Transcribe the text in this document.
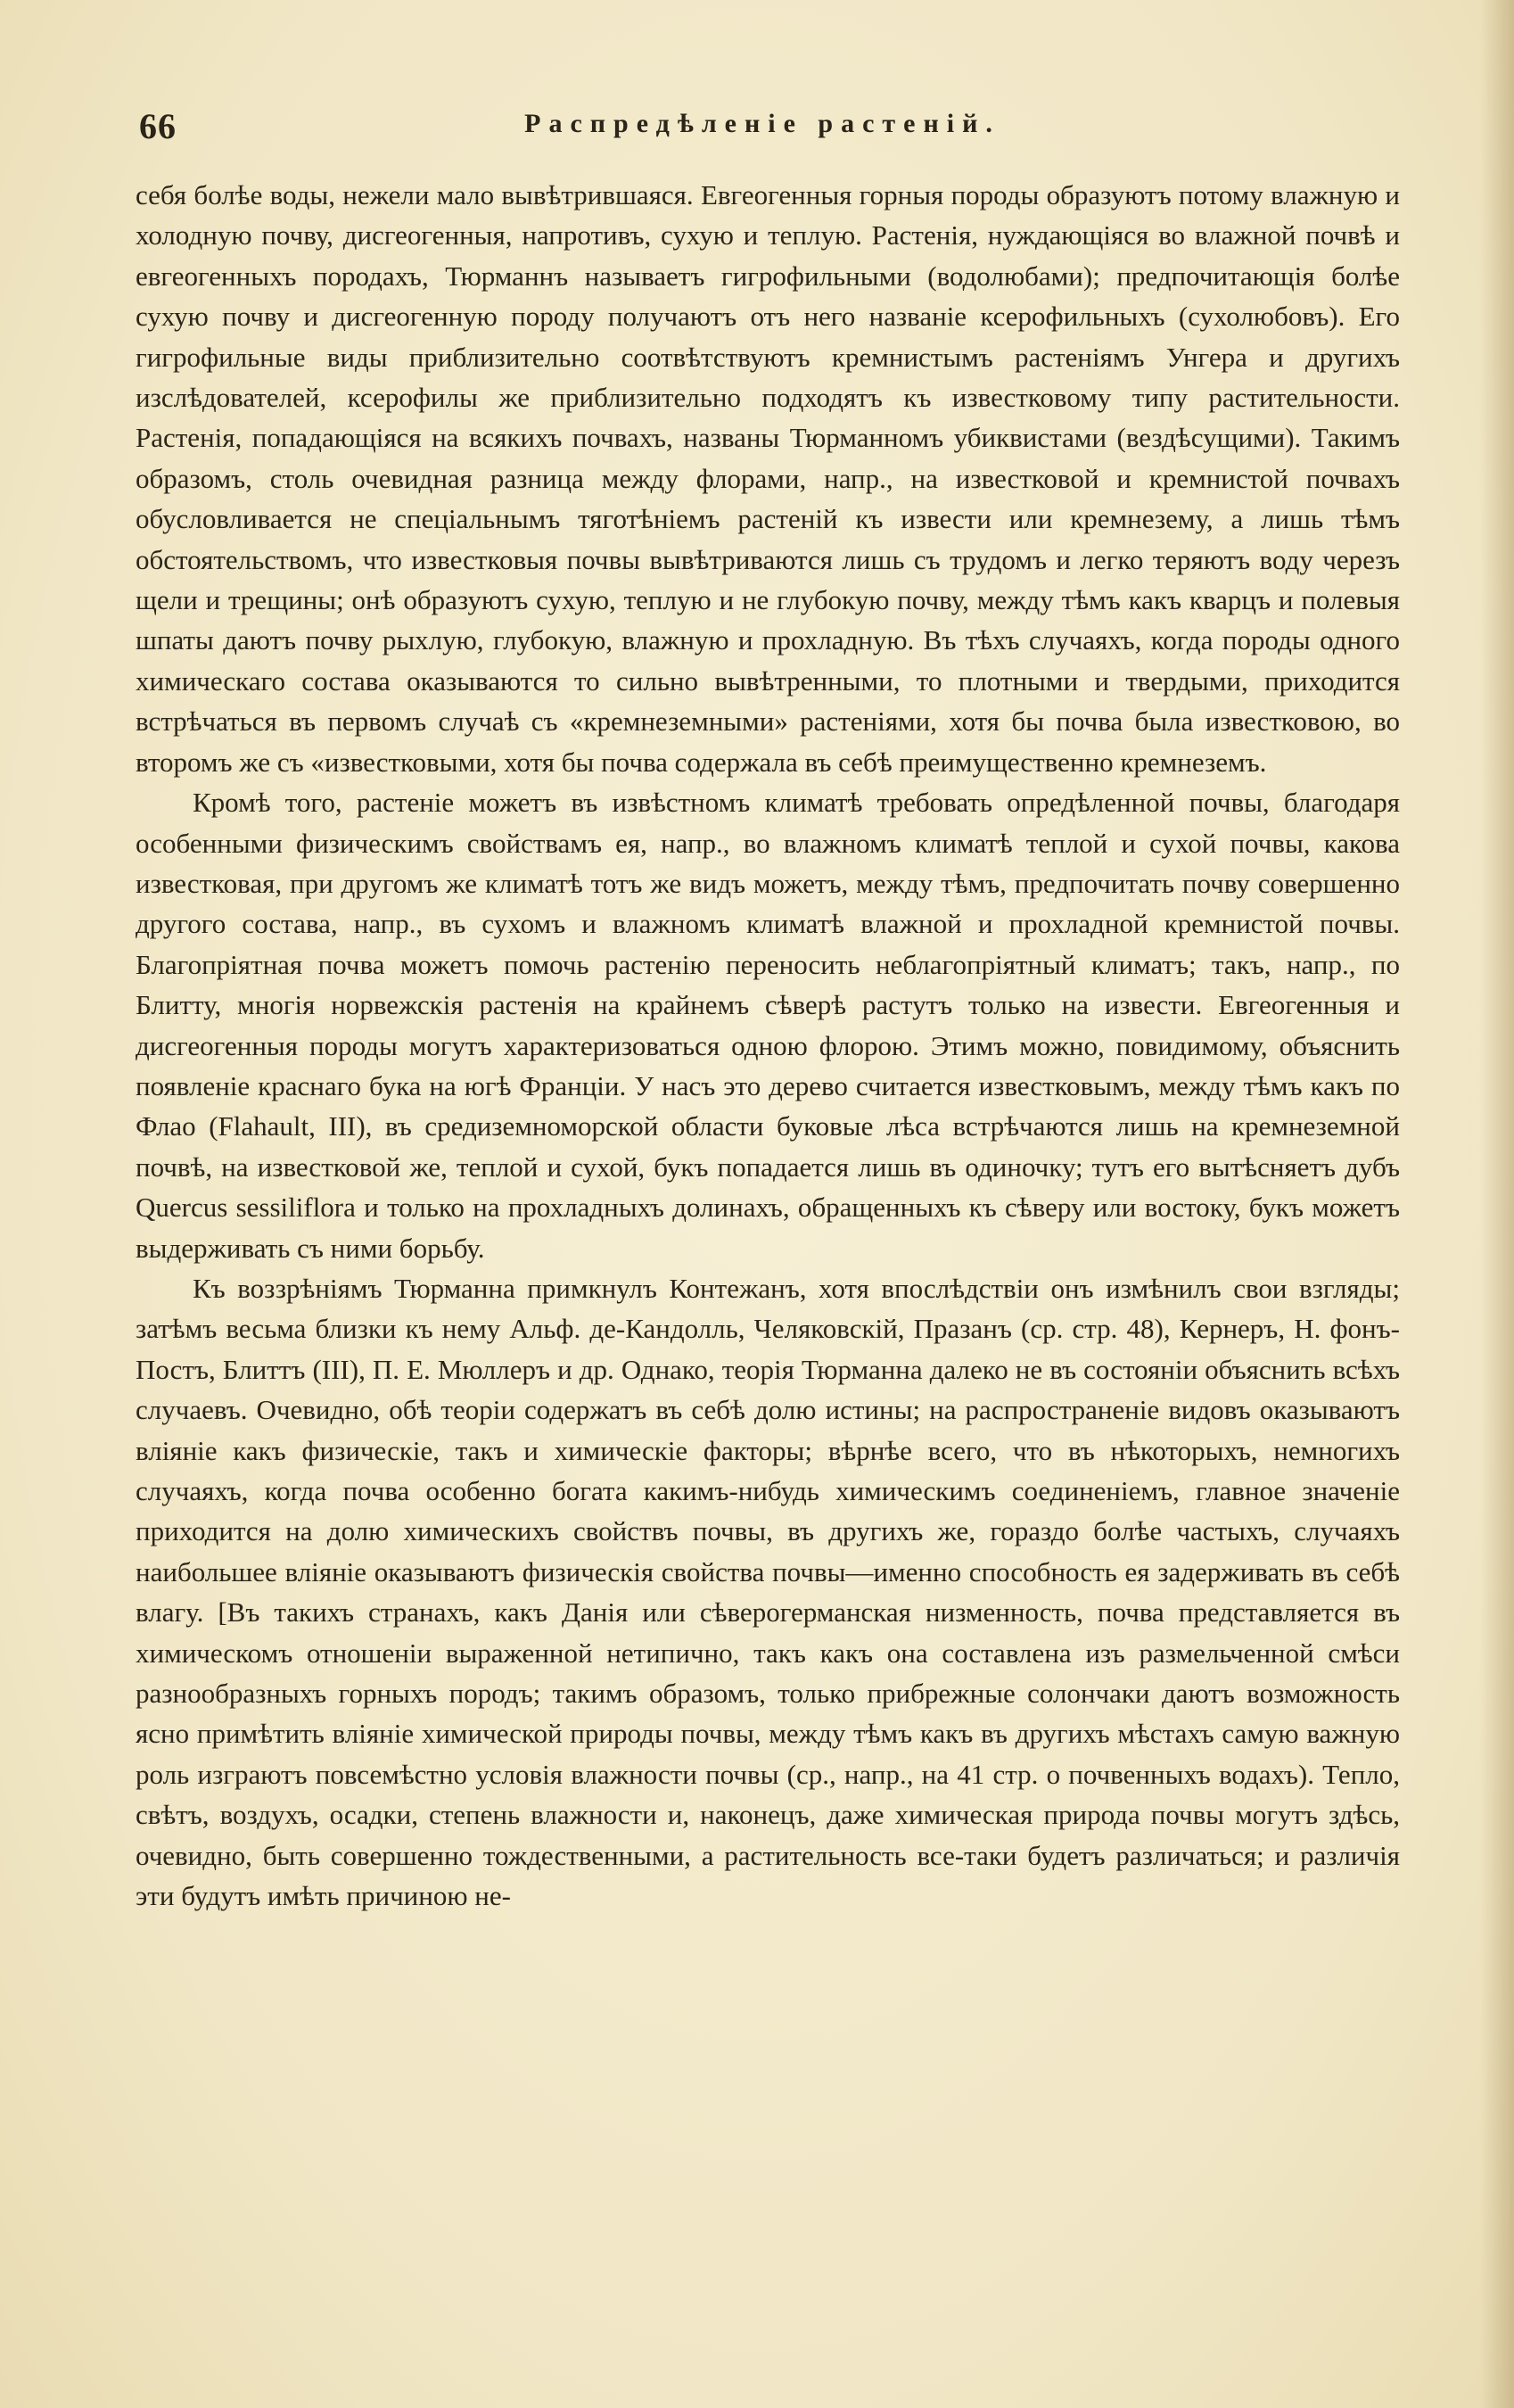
66	Распредѣленіе растеній.

себя болѣе воды, нежели мало вывѣтрившаяся. Евгеогенныя горныя породы образуютъ потому влажную и холодную почву, дисгеогенныя, напротивъ, сухую и теплую. Растенія, нуждающіяся во влажной почвѣ и евгеогенныхъ породахъ, Тюрманнъ называетъ гигрофильными (водолюбами); предпочитающія болѣе сухую почву и дисгеогенную породу получаютъ отъ него названіе ксерофильныхъ (сухолюбовъ). Его гигрофильные виды приблизительно соотвѣтствуютъ кремнистымъ растеніямъ Унгера и другихъ изслѣдователей, ксерофилы же приблизительно подходятъ къ известковому типу растительности. Растенія, попадающіяся на всякихъ почвахъ, названы Тюрманномъ убиквистами (вездѣсущими). Такимъ образомъ, столь очевидная разница между флорами, напр., на известковой и кремнистой почвахъ обусловливается не спеціальнымъ тяготѣніемъ растеній къ извести или кремнезему, а лишь тѣмъ обстоятельствомъ, что известковыя почвы вывѣтриваются лишь съ трудомъ и легко теряютъ воду черезъ щели и трещины; онѣ образуютъ сухую, теплую и не глубокую почву, между тѣмъ какъ кварцъ и полевыя шпаты даютъ почву рыхлую, глубокую, влажную и прохладную. Въ тѣхъ случаяхъ, когда породы одного химическаго состава оказываются то сильно вывѣтренными, то плотными и твердыми, приходится встрѣчаться въ первомъ случаѣ съ «кремнеземными» растеніями, хотя бы почва была известковою, во второмъ же съ «известковыми, хотя бы почва содержала въ себѣ преимущественно кремнеземъ.

Кромѣ того, растеніе можетъ въ извѣстномъ климатѣ требовать опредѣленной почвы, благодаря особенными физическимъ свойствамъ ея, напр., во влажномъ климатѣ теплой и сухой почвы, какова известковая, при другомъ же климатѣ тотъ же видъ можетъ, между тѣмъ, предпочитать почву совершенно другого состава, напр., въ сухомъ и влажномъ климатѣ влажной и прохладной кремнистой почвы. Благопріятная почва можетъ помочь растенію переносить неблагопріятный климатъ; такъ, напр., по Блитту, многія норвежскія растенія на крайнемъ сѣверѣ растутъ только на извести. Евгеогенныя и дисгеогенныя породы могутъ характеризоваться одною флорою. Этимъ можно, повидимому, объяснить появленіе краснаго бука на югѣ Франціи. У насъ это дерево считается известковымъ, между тѣмъ какъ по Флао (Flahault, III), въ средиземноморской области буковые лѣса встрѣчаются лишь на кремнеземной почвѣ, на известковой же, теплой и сухой, букъ попадается лишь въ одиночку; тутъ его вытѣсняетъ дубъ Quercus sessiliflora и только на прохладныхъ долинахъ, обращенныхъ къ сѣверу или востоку, букъ можетъ выдерживать съ ними борьбу.

Къ воззрѣніямъ Тюрманна примкнулъ Контежанъ, хотя впослѣдствіи онъ измѣнилъ свои взгляды; затѣмъ весьма близки къ нему Альф. де-Кандолль, Челяковскій, Празанъ (ср. стр. 48), Кернеръ, Н. фонъ-Постъ, Блиттъ (III), П. Е. Мюллеръ и др. Однако, теорія Тюрманна далеко не въ состояніи объяснить всѣхъ случаевъ. Очевидно, обѣ теоріи содержатъ въ себѣ долю истины; на распространеніе видовъ оказываютъ вліяніе какъ физическіе, такъ и химическіе факторы; вѣрнѣе всего, что въ нѣкоторыхъ, немногихъ случаяхъ, когда почва особенно богата какимъ-нибудь химическимъ соединеніемъ, главное значеніе приходится на долю химическихъ свойствъ почвы, въ другихъ же, гораздо болѣе частыхъ, случаяхъ наибольшее вліяніе оказываютъ физическія свойства почвы—именно способность ея задерживать въ себѣ влагу. [Въ такихъ странахъ, какъ Данія или сѣверогерманская низменность, почва представляется въ химическомъ отношеніи выраженной нетипично, такъ какъ она составлена изъ размельченной смѣси разнообразныхъ горныхъ породъ; такимъ образомъ, только прибрежные солончаки даютъ возможность ясно примѣтить вліяніе химической природы почвы, между тѣмъ какъ въ другихъ мѣстахъ самую важную роль изграютъ повсемѣстно условія влажности почвы (ср., напр., на 41 стр. о почвенныхъ водахъ). Тепло, свѣтъ, воздухъ, осадки, степень влажности и, наконецъ, даже химическая природа почвы могутъ здѣсь, очевидно, быть совершенно тождественными, а растительность все-таки будетъ различаться; и различія эти будутъ имѣть причиною не-
